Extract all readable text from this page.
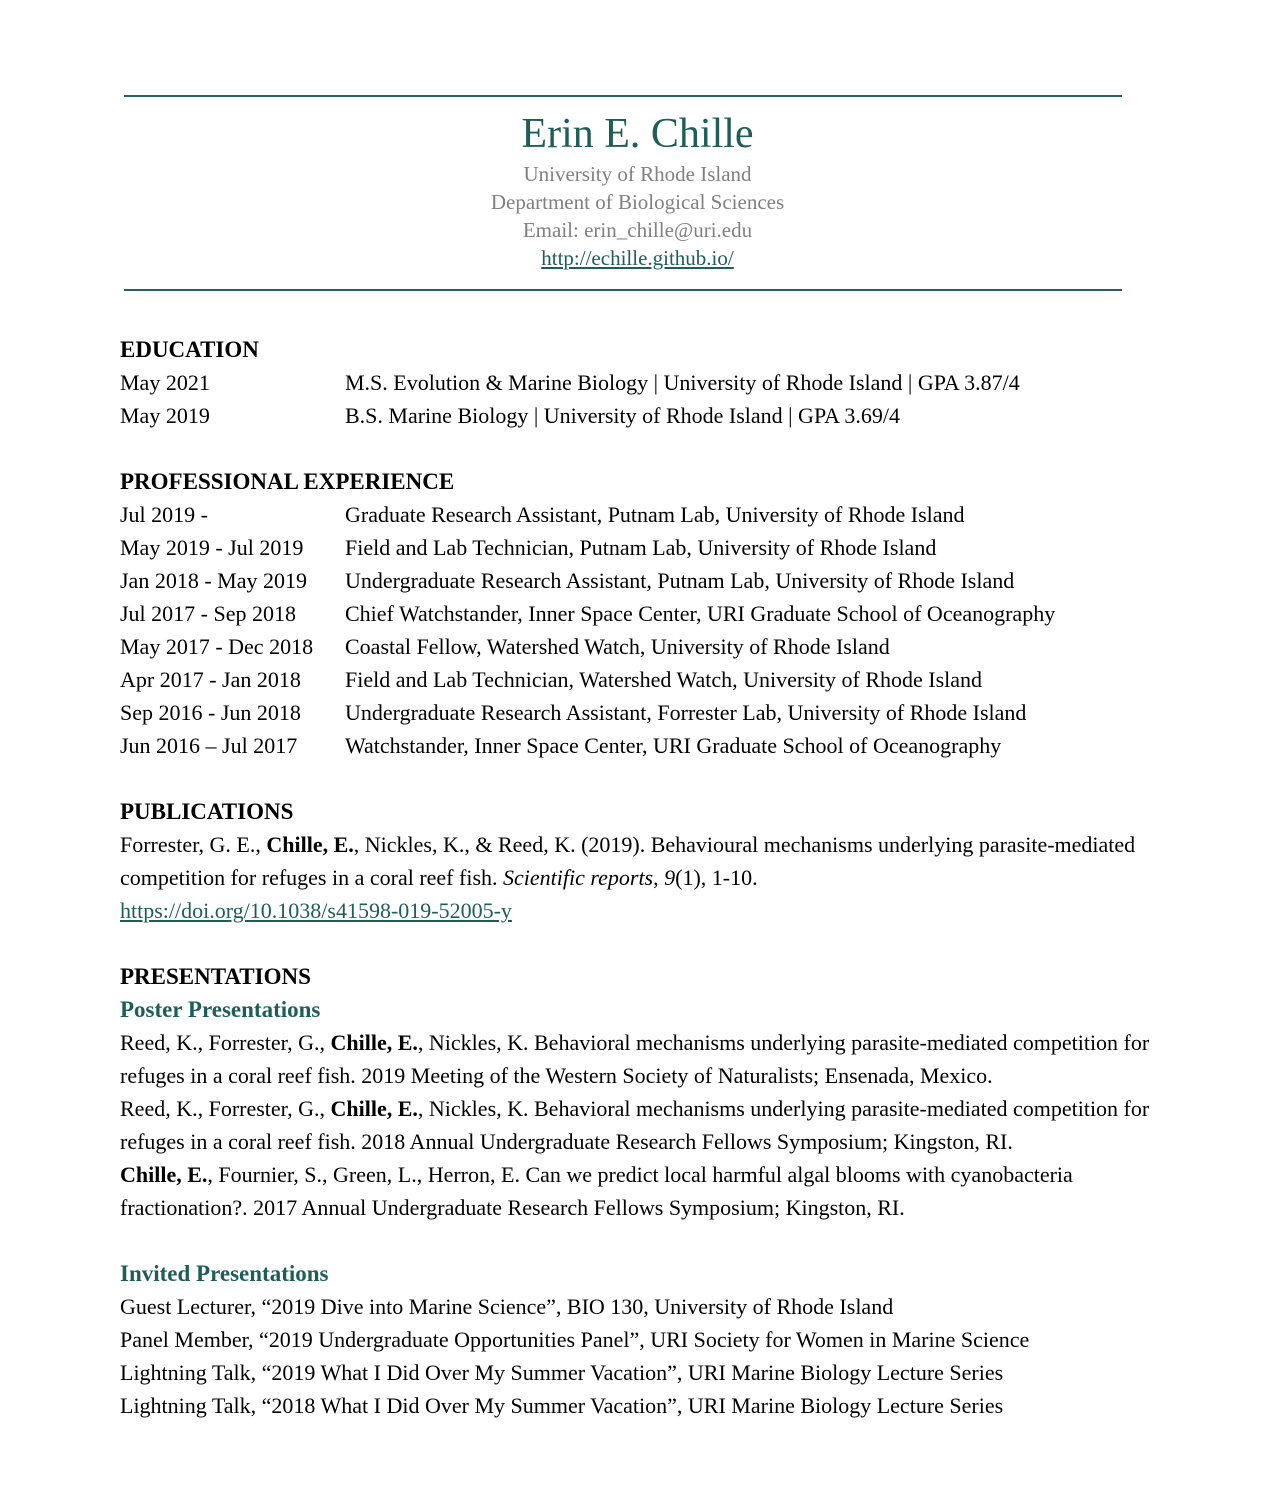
Erin E. Chille
University of Rhode Island
Department of Biological Sciences
Email: erin_chille@uri.edu
http://echille.github.io/
EDUCATION
May 2021	M.S. Evolution & Marine Biology | University of Rhode Island | GPA 3.87/4
May 2019	B.S. Marine Biology | University of Rhode Island | GPA 3.69/4
PROFESSIONAL EXPERIENCE
Jul 2019 -	Graduate Research Assistant, Putnam Lab, University of Rhode Island
May 2019 - Jul 2019	Field and Lab Technician, Putnam Lab, University of Rhode Island
Jan 2018 - May 2019	Undergraduate Research Assistant, Putnam Lab, University of Rhode Island
Jul 2017 - Sep 2018	Chief Watchstander, Inner Space Center, URI Graduate School of Oceanography
May 2017 - Dec 2018	Coastal Fellow, Watershed Watch, University of Rhode Island
Apr 2017 - Jan 2018	Field and Lab Technician, Watershed Watch, University of Rhode Island
Sep 2016 - Jun 2018	Undergraduate Research Assistant, Forrester Lab, University of Rhode Island
Jun 2016 – Jul 2017	Watchstander, Inner Space Center, URI Graduate School of Oceanography
PUBLICATIONS
Forrester, G. E., Chille, E., Nickles, K., & Reed, K. (2019). Behavioural mechanisms underlying parasite-mediated competition for refuges in a coral reef fish. Scientific reports, 9(1), 1-10.
https://doi.org/10.1038/s41598-019-52005-y
PRESENTATIONS
Poster Presentations
Reed, K., Forrester, G., Chille, E., Nickles, K. Behavioral mechanisms underlying parasite-mediated competition for refuges in a coral reef fish. 2019 Meeting of the Western Society of Naturalists; Ensenada, Mexico.
Reed, K., Forrester, G., Chille, E., Nickles, K. Behavioral mechanisms underlying parasite-mediated competition for refuges in a coral reef fish. 2018 Annual Undergraduate Research Fellows Symposium; Kingston, RI.
Chille, E., Fournier, S., Green, L., Herron, E. Can we predict local harmful algal blooms with cyanobacteria fractionation?. 2017 Annual Undergraduate Research Fellows Symposium; Kingston, RI.
Invited Presentations
Guest Lecturer, “2019 Dive into Marine Science”, BIO 130, University of Rhode Island
Panel Member, “2019 Undergraduate Opportunities Panel”, URI Society for Women in Marine Science
Lightning Talk, “2019 What I Did Over My Summer Vacation”, URI Marine Biology Lecture Series
Lightning Talk, “2018 What I Did Over My Summer Vacation”, URI Marine Biology Lecture Series
